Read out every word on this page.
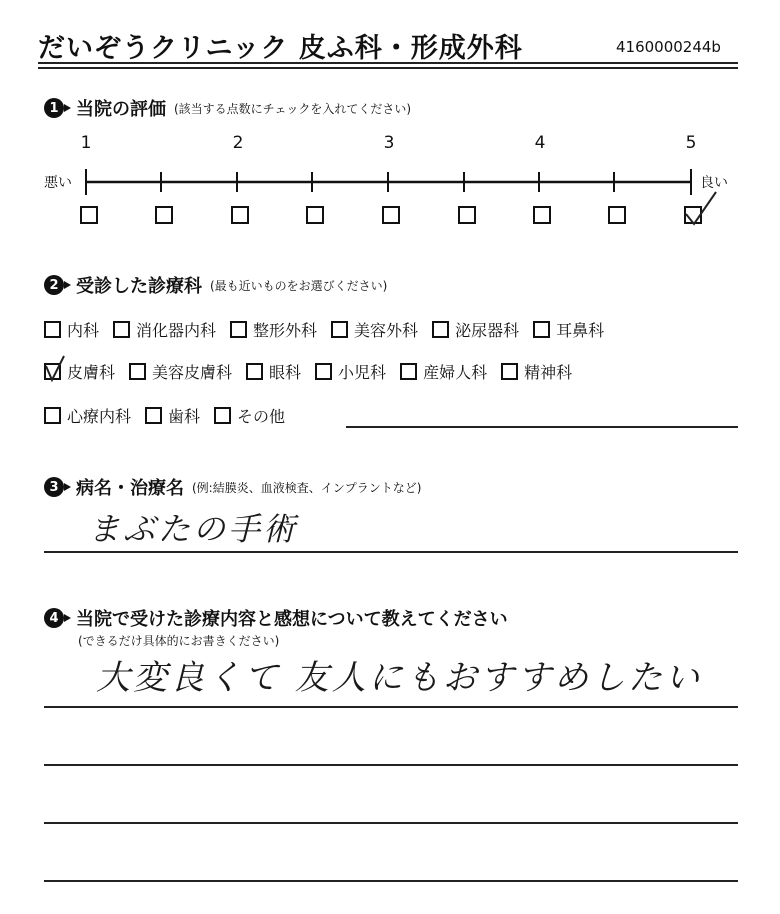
だいぞうクリニック 皮ふ科・形成外科	4160000244b
1 当院の評価 (該当する点数にチェックを入れてください)
1	2	3	4	5
悪い	良い
2 受診した診療科 (最も近いものをお選びください)
内科 消化器内科 整形外科 美容外科 泌尿器科 耳鼻科
皮膚科 美容皮膚科 眼科 小児科 産婦人科 精神科
心療内科 歯科 その他
3 病名・治療名 (例:結膜炎、血液検査、インプラントなど)
まぶたの手術
4 当院で受けた診療内容と感想について教えてください
(できるだけ具体的にお書きください)
大変良くて 友人にもおすすめしたい
